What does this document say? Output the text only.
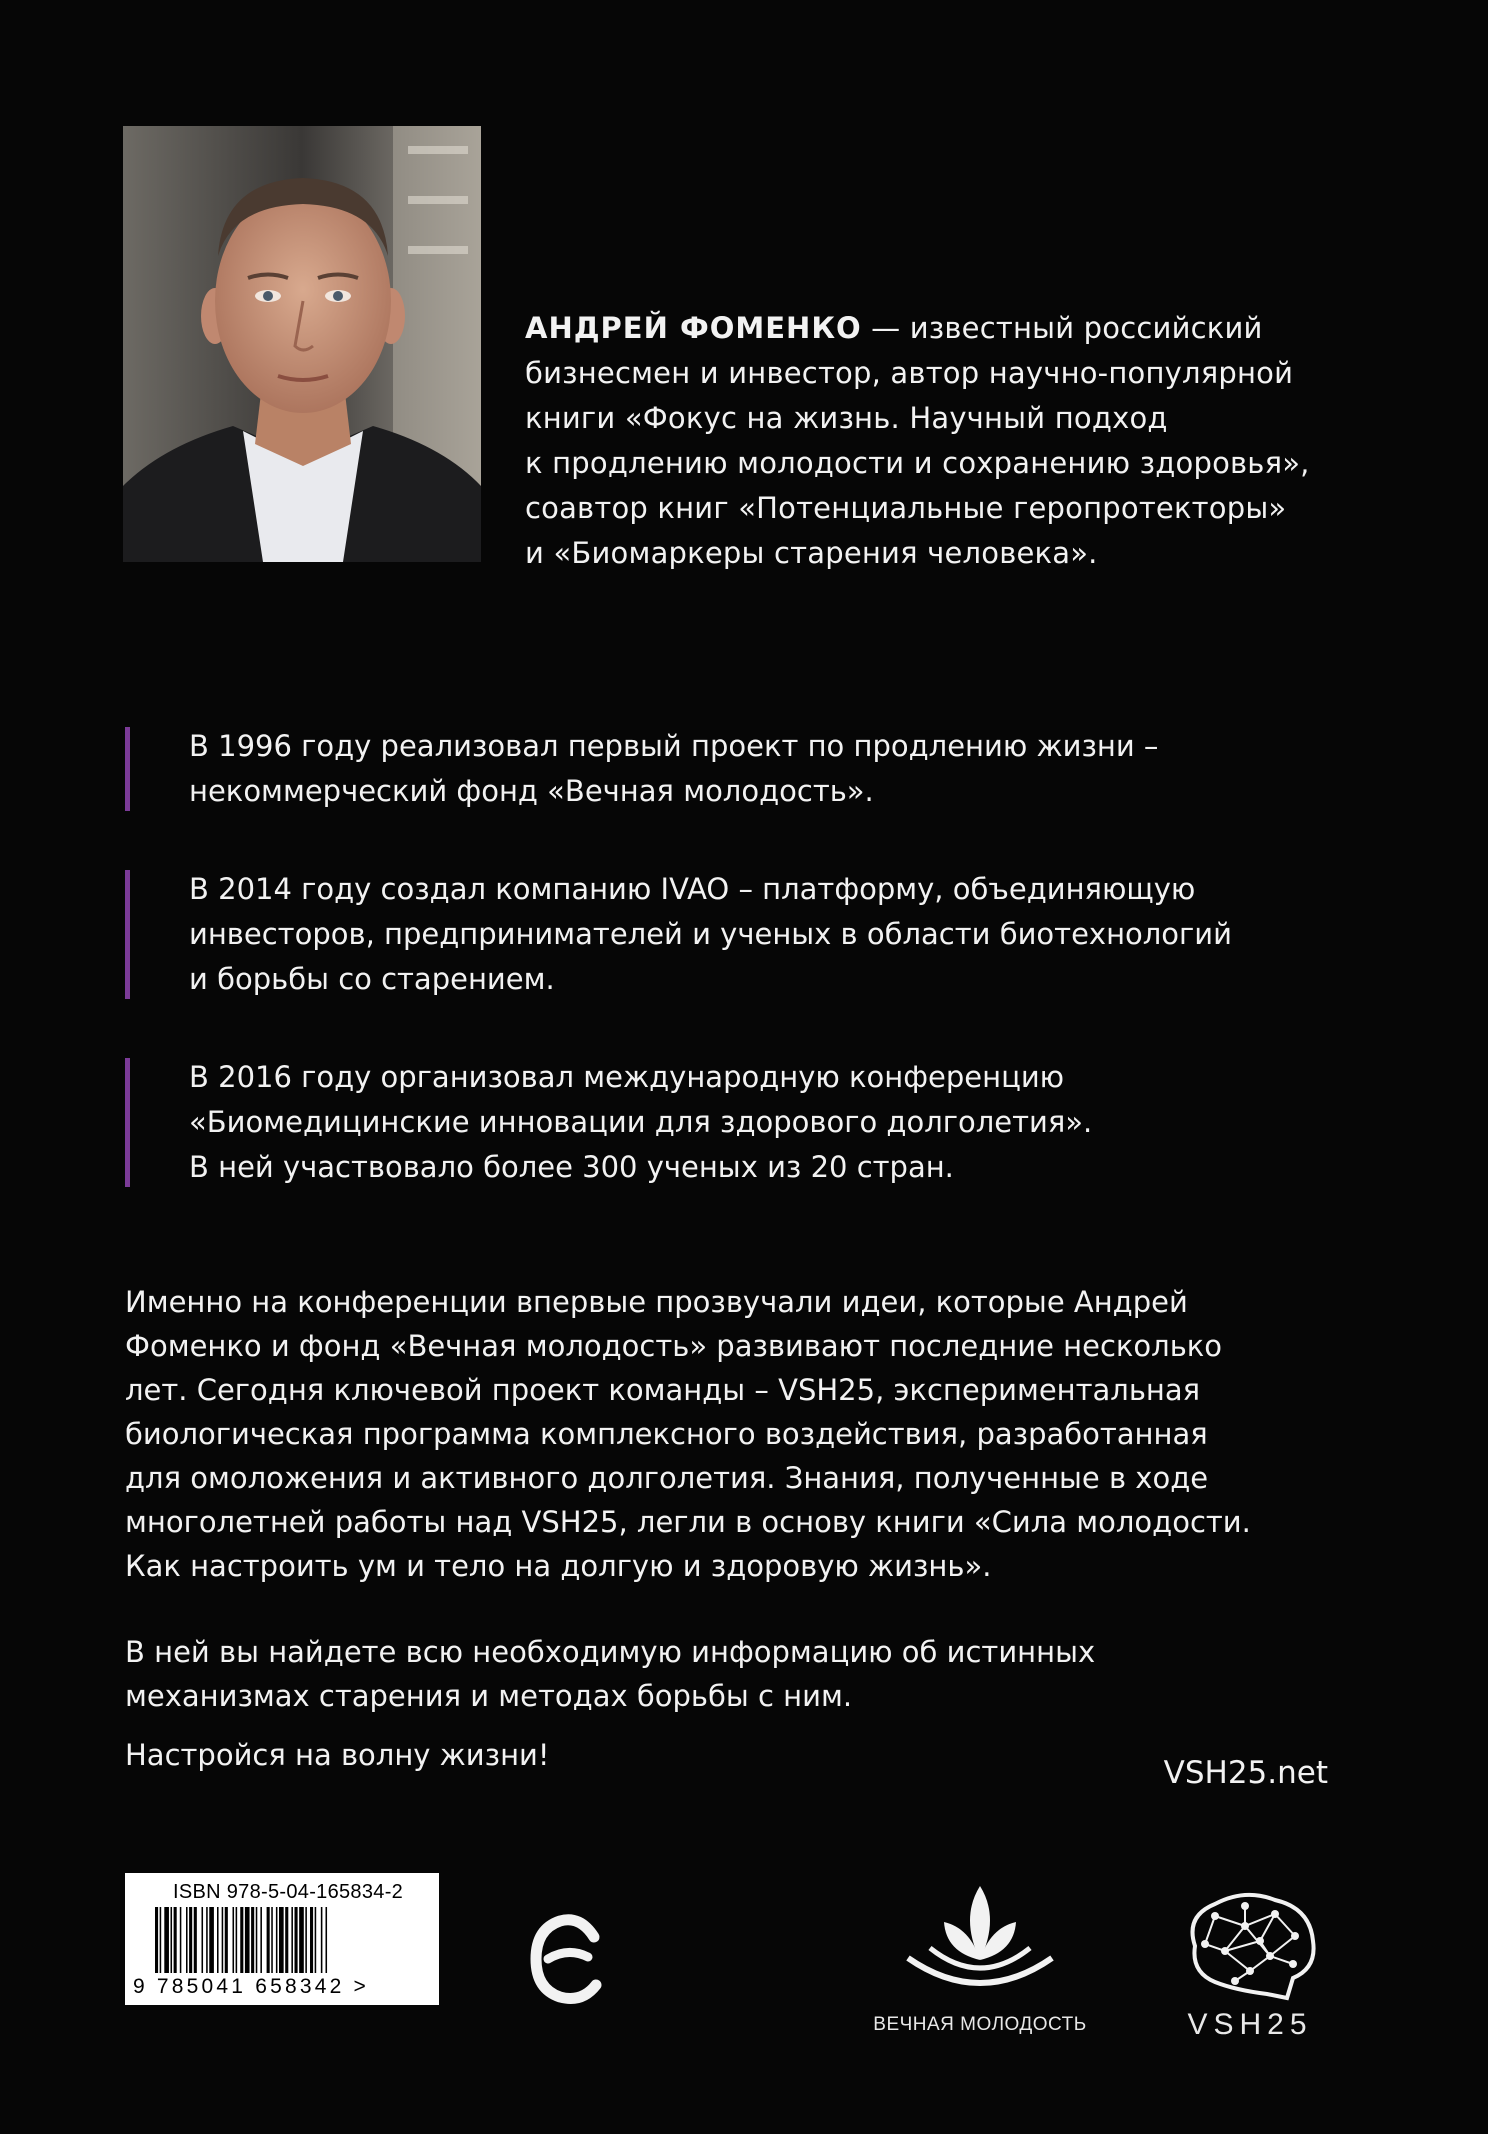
АНДРЕЙ ФОМЕНКО — известный российский
бизнесмен и инвестор, автор научно-популярной
книги «Фокус на жизнь. Научный подход
к продлению молодости и сохранению здоровья»,
соавтор книг «Потенциальные геропротекторы»
и «Биомаркеры старения человека».
В 1996 году реализовал первый проект по продлению жизни –
некоммерческий фонд «Вечная молодость».
В 2014 году создал компанию IVAO – платформу, объединяющую
инвесторов, предпринимателей и ученых в области биотехнологий
и борьбы со старением.
В 2016 году организовал международную конференцию
«Биомедицинские инновации для здорового долголетия».
В ней участвовало более 300 ученых из 20 стран.

Именно на конференции впервые прозвучали идеи, которые Андрей
Фоменко и фонд «Вечная молодость» развивают последние несколько
лет. Сегодня ключевой проект команды – VSH25, экспериментальная
биологическая программа комплексного воздействия, разработанная
для омоложения и активного долголетия. Знания, полученные в ходе
многолетней работы над VSH25, легли в основу книги «Сила молодости.
Как настроить ум и тело на долгую и здоровую жизнь».

В ней вы найдете всю необходимую информацию об истинных
механизмах старения и методах борьбы с ним.

Настройся на волну жизни!	VSH25.net
ISBN 978-5-04-165834-2
9 785041 658342 >
ВЕЧНАЯ МОЛОДОСТЬ	VSH25
